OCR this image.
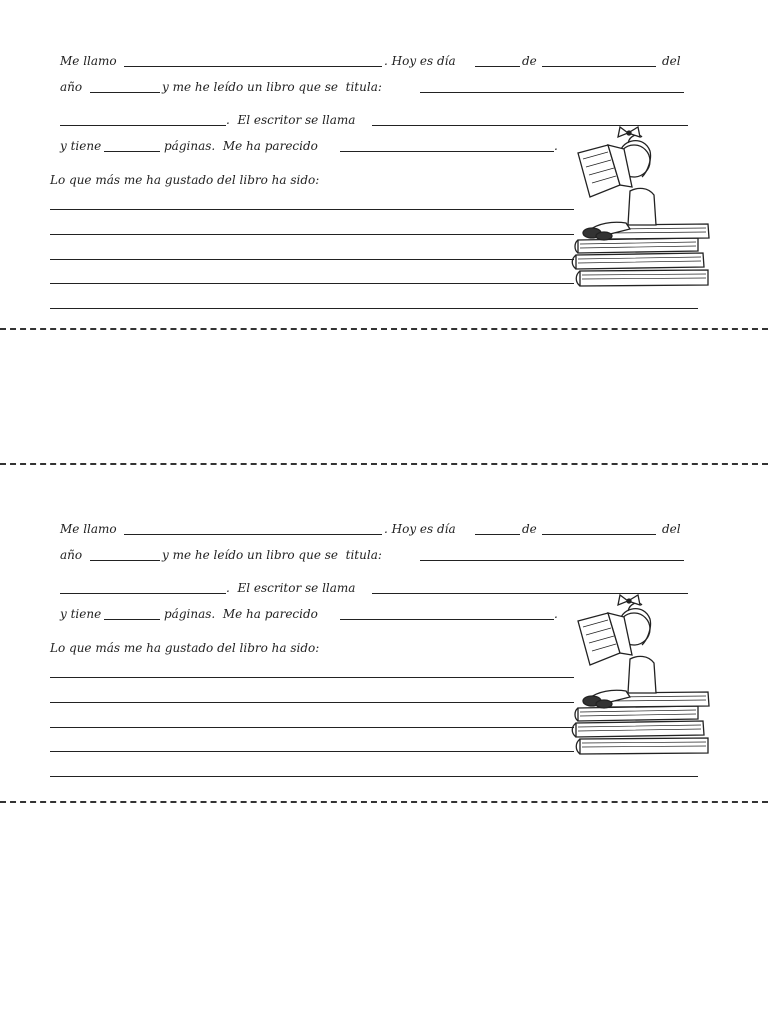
Me llamo	. Hoy es día	de	del
año	y me he leído un libro que se  titula:
.  El escritor se llama
y tiene	páginas.  Me ha parecido	.
Lo que más me ha gustado del libro ha sido:
Me llamo	. Hoy es día	de	del
año	y me he leído un libro que se  titula:
.  El escritor se llama
y tiene	páginas.  Me ha parecido	.
Lo que más me ha gustado del libro ha sido:
